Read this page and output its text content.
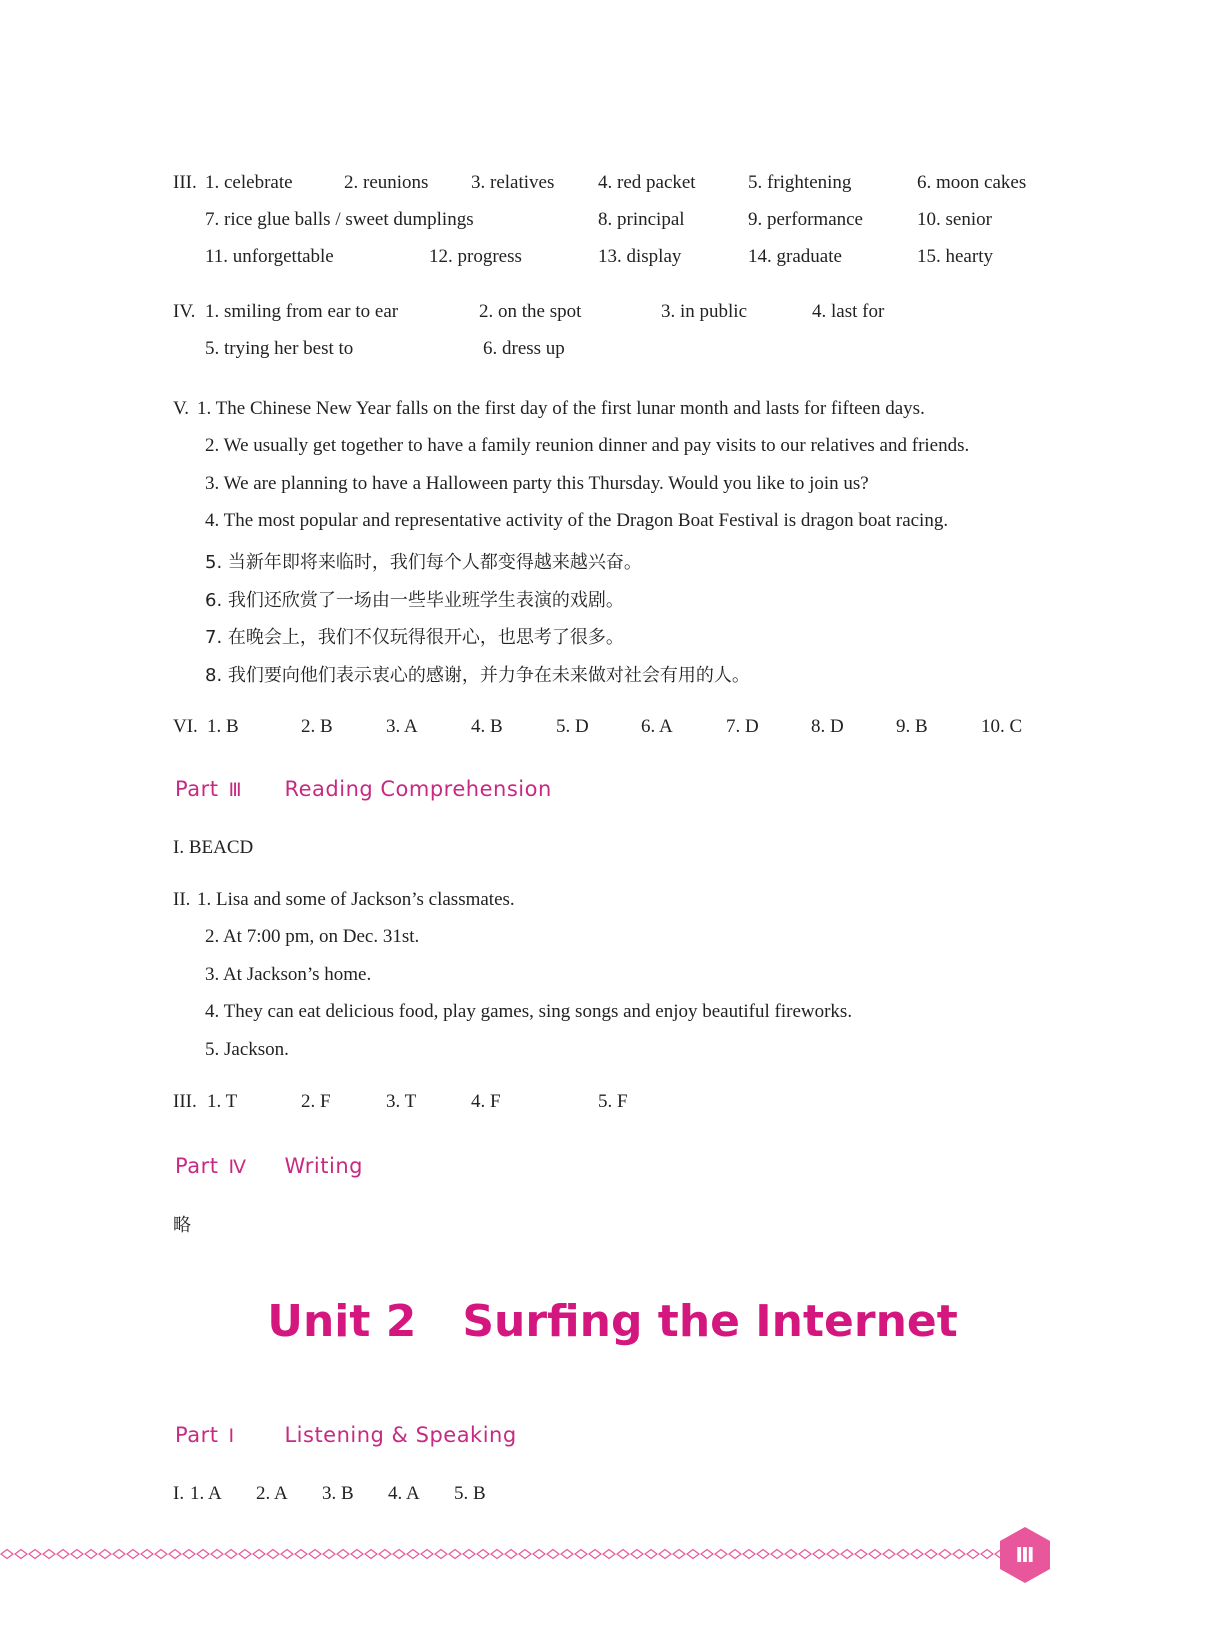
III. 1. celebrate	2. reunions 3. relatives 4. red packet	5. frightening	6. moon cakes
7. rice glue balls / sweet dumplings	8. principal	9. performance	10. senior
11. unforgettable	12. progress	13. display	14. graduate	15. hearty
IV. 1. smiling from ear to ear	2. on the spot	3. in public	4. last for
5. trying her best to	6. dress up
V. 1. The Chinese New Year falls on the first day of the first lunar month and lasts for fifteen days.
2. We usually get together to have a family reunion dinner and pay visits to our relatives and friends.
3. We are planning to have a Halloween party this Thursday. Would you like to join us?
4. The most popular and representative activity of the Dragon Boat Festival is dragon boat racing.
5. 当新年即将来临时，我们每个人都变得越来越兴奋。
6. 我们还欣赏了一场由一些毕业班学生表演的戏剧。
7. 在晚会上，我们不仅玩得很开心，也思考了很多。
8. 我们要向他们表示衷心的感谢，并力争在未来做对社会有用的人。
VI. 1. B	2. B	3. A	4. B	5. D	6. A	7. D	8. D	9. B	10. C
Part Ⅲ Reading Comprehension
I. BEACD
II. 1. Lisa and some of Jackson’s classmates.
2. At 7:00 pm, on Dec. 31st.
3. At Jackson’s home.
4. They can eat delicious food, play games, sing songs and enjoy beautiful fireworks.
5. Jackson.
III. 1. T	2. F	3. T	4. F	5. F
Part Ⅳ Writing
略
Unit 2 Surfing the Internet
Part Ⅰ Listening & Speaking
I. 1. A 2. A 3. B 4. A 5. B
Ⅲ
